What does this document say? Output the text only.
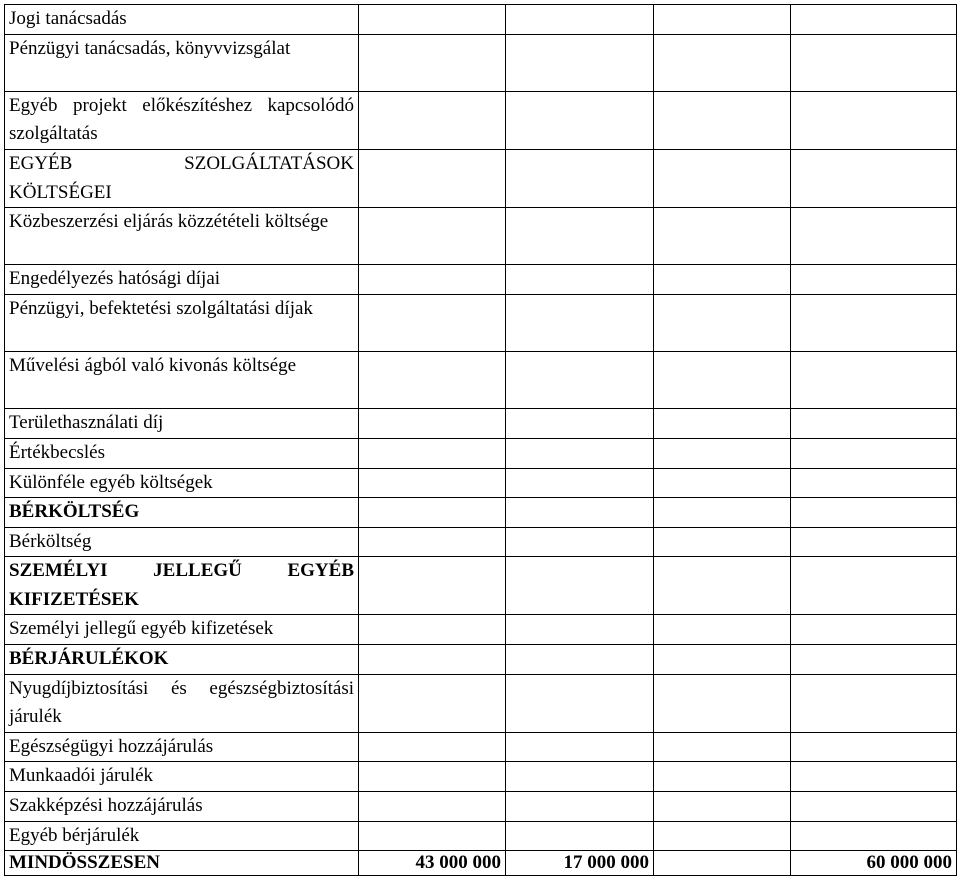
Jogi tanácsadás				
Pénzügyi tanácsadás, könyvvizsgálat				
Egyéb projekt előkészítéshez kapcsolódó szolgáltatás				
EGYÉB SZOLGÁLTATÁSOK KÖLTSÉGEI				
Közbeszerzési eljárás közzétételi költsége				
Engedélyezés hatósági díjai				
Pénzügyi, befektetési szolgáltatási díjak				
Művelési ágból való kivonás költsége				
Területhasználati díj				
Értékbecslés				
Különféle egyéb költségek				
BÉRKÖLTSÉG				
Bérköltség				
SZEMÉLYI JELLEGŰ EGYÉB KIFIZETÉSEK				
Személyi jellegű egyéb kifizetések				
BÉRJÁRULÉKOK				
Nyugdíjbiztosítási és egészségbiztosítási járulék				
Egészségügyi hozzájárulás				
Munkaadói járulék				
Szakképzési hozzájárulás				
Egyéb bérjárulék				
MINDÖSSZESEN	43 000 000	17 000 000		60 000 000
